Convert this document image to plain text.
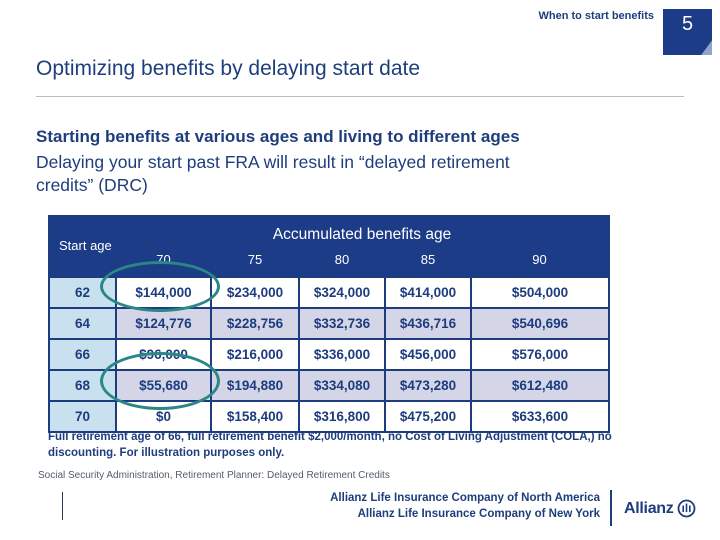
When to start benefits	5
Optimizing benefits by delaying start date
Starting benefits at various ages and living to different ages
Delaying your start past FRA will result in “delayed retirement
credits” (DRC)
Start age	Accumulated benefits age				
	70	75	80	85	90
62	$144,000	$234,000	$324,000	$414,000	$504,000
64	$124,776	$228,756	$332,736	$436,716	$540,696
66	$96,000	$216,000	$336,000	$456,000	$576,000
68	$55,680	$194,880	$334,080	$473,280	$612,480
70	$0	$158,400	$316,800	$475,200	$633,600
Full retirement age of 66, full retirement benefit $2,000/month, no Cost of Living Adjustment (COLA,) no
discounting. For illustration purposes only.
Social Security Administration, Retirement Planner: Delayed Retirement Credits
Allianz Life Insurance Company of North America
Allianz Life Insurance Company of New York Allianz
